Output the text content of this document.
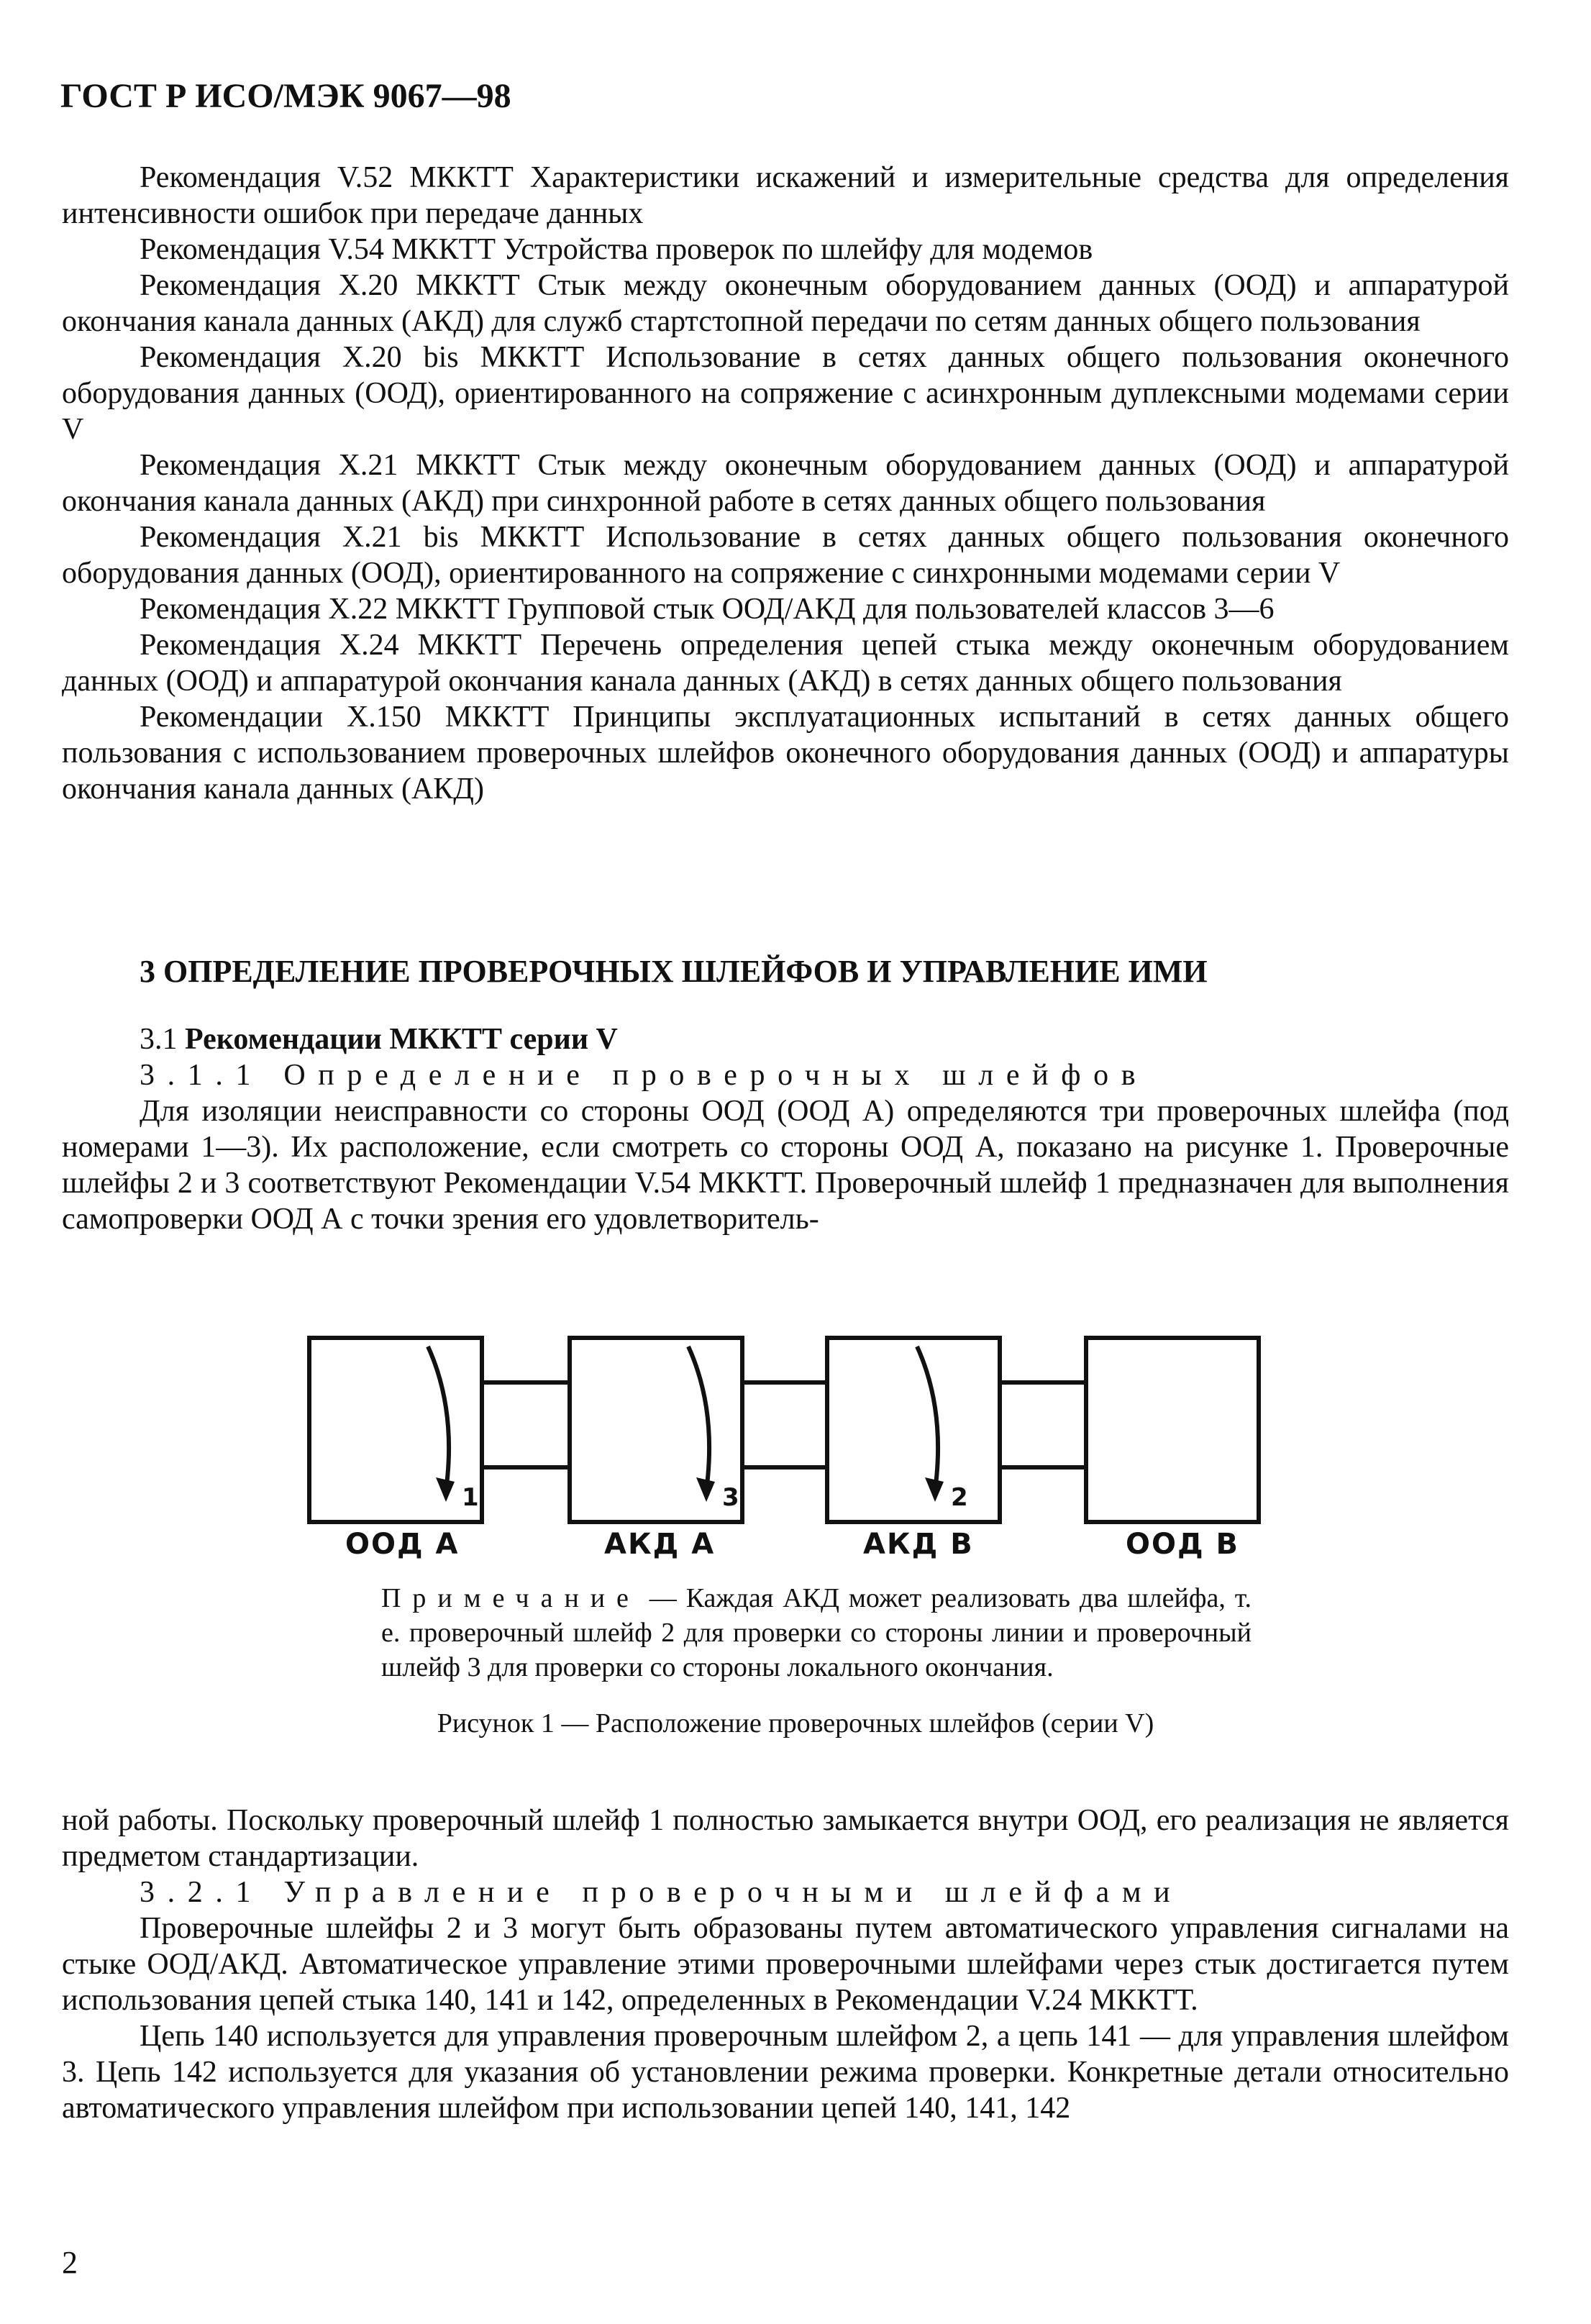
ГОСТ Р ИСО/МЭК 9067—98

Рекомендация V.52 МККТТ Характеристики искажений и измерительные средства для определения интенсивности ошибок при передаче данных

Рекомендация V.54 МККТТ Устройства проверок по шлейфу для модемов

Рекомендация X.20 МККТТ Стык между оконечным оборудованием данных (ООД) и аппаратурой окончания канала данных (АКД) для служб стартстопной передачи по сетям данных общего пользования

Рекомендация X.20 bis МККТТ Использование в сетях данных общего пользования оконечного оборудования данных (ООД), ориентированного на сопряжение с асинхронным дуплексными модемами серии V

Рекомендация X.21 МККТТ Стык между оконечным оборудованием данных (ООД) и аппаратурой окончания канала данных (АКД) при синхронной работе в сетях данных общего пользования

Рекомендация X.21 bis МККТТ Использование в сетях данных общего пользования оконечного оборудования данных (ООД), ориентированного на сопряжение с синхронными модемами серии V

Рекомендация X.22 МККТТ Групповой стык ООД/АКД для пользователей классов 3—6

Рекомендация X.24 МККТТ Перечень определения цепей стыка между оконечным оборудованием данных (ООД) и аппаратурой окончания канала данных (АКД) в сетях данных общего пользования

Рекомендации X.150 МККТТ Принципы эксплуатационных испытаний в сетях данных общего пользования с использованием проверочных шлейфов оконечного оборудования данных (ООД) и аппаратуры окончания канала данных (АКД)

3 ОПРЕДЕЛЕНИЕ ПРОВЕРОЧНЫХ ШЛЕЙФОВ И УПРАВЛЕНИЕ ИМИ

3.1 Рекомендации МККТТ серии V

3.1.1 Определение проверочных шлейфов

Для изоляции неисправности со стороны ООД (ООД А) определяются три проверочных шлейфа (под номерами 1—3). Их расположение, если смотреть со стороны ООД А, показано на рисунке 1. Проверочные шлейфы 2 и 3 соответствуют Рекомендации V.54 МККТТ. Проверочный шлейф 1 предназначен для выполнения самопроверки ООД А с точки зрения его удовлетворитель-

1	3	2
ООД А	АКД А	АКД В	ООД В

Примечание — Каждая АКД может реализовать два шлейфа, т. е. проверочный шлейф 2 для проверки со стороны линии и проверочный шлейф 3 для проверки со стороны локального окончания.

Рисунок 1 — Расположение проверочных шлейфов (серии V)

ной работы. Поскольку проверочный шлейф 1 полностью замыкается внутри ООД, его реализация не является предметом стандартизации.

3.2.1 Управление проверочными шлейфами

Проверочные шлейфы 2 и 3 могут быть образованы путем автоматического управления сигналами на стыке ООД/АКД. Автоматическое управление этими проверочными шлейфами через стык достигается путем использования цепей стыка 140, 141 и 142, определенных в Рекомендации V.24 МККТТ.

Цепь 140 используется для управления проверочным шлейфом 2, а цепь 141 — для управления шлейфом 3. Цепь 142 используется для указания об установлении режима проверки. Конкретные детали относительно автоматического управления шлейфом при использовании цепей 140, 141, 142

2
